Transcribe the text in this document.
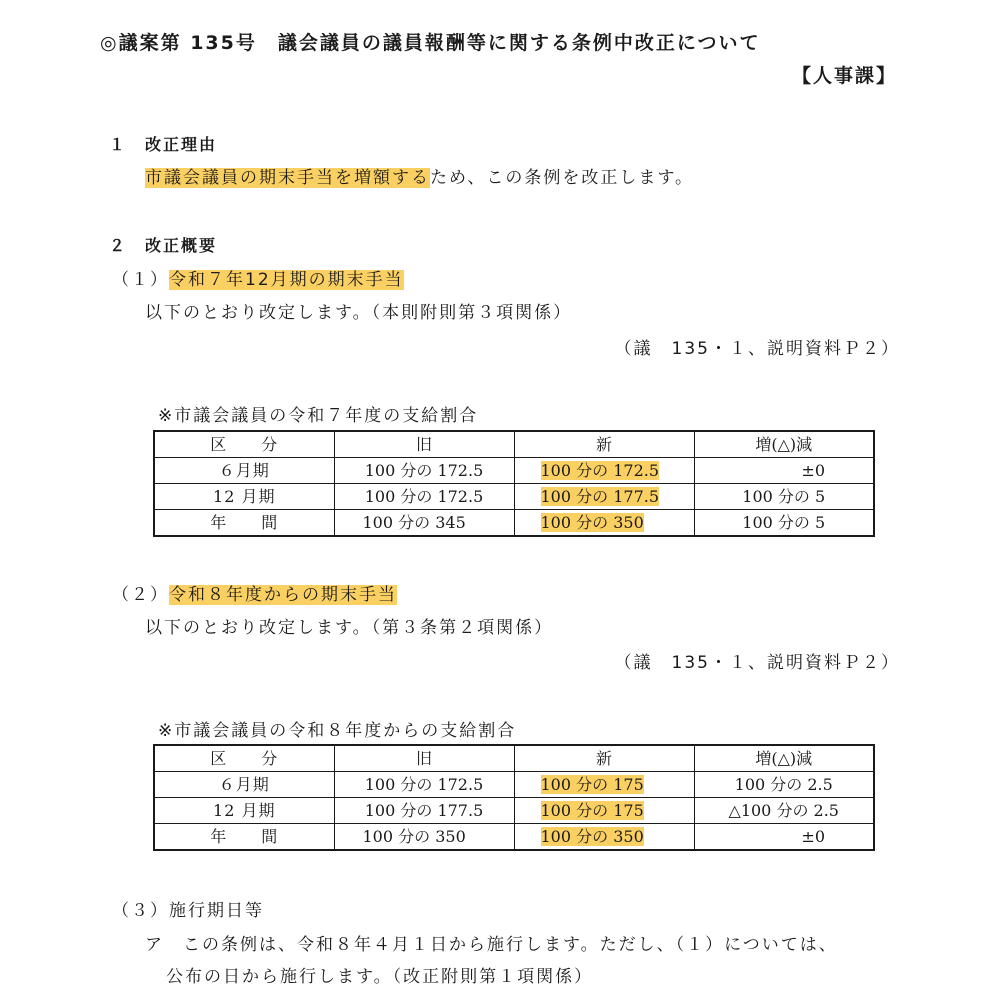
◎議案第 135号　議会議員の議員報酬等に関する条例中改正について
【人事課】
１　改正理由
市議会議員の期末手当を増額するため、この条例を改正します。
２　改正概要
（１）令和７年12月期の期末手当
以下のとおり改定します。（本則附則第３項関係）
（議　135・１、説明資料Ｐ２）
※市議会議員の令和７年度の支給割合
区　　分	旧	新	増(△)減
６月期	100 分の 172.5	100 分の 172.5	±0
12 月期	100 分の 172.5	100 分の 177.5	100 分の 5
年　　間	100 分の 345	100 分の 350	100 分の 5
（２）令和８年度からの期末手当
以下のとおり改定します。（第３条第２項関係）
（議　135・１、説明資料Ｐ２）
※市議会議員の令和８年度からの支給割合
区　　分	旧	新	増(△)減
６月期	100 分の 172.5	100 分の 175	100 分の 2.5
12 月期	100 分の 177.5	100 分の 175	△100 分の 2.5
年　　間	100 分の 350	100 分の 350	±0
（３）施行期日等
ア　この条例は、令和８年４月１日から施行します。ただし、（１）については、
公布の日から施行します。（改正附則第１項関係）
